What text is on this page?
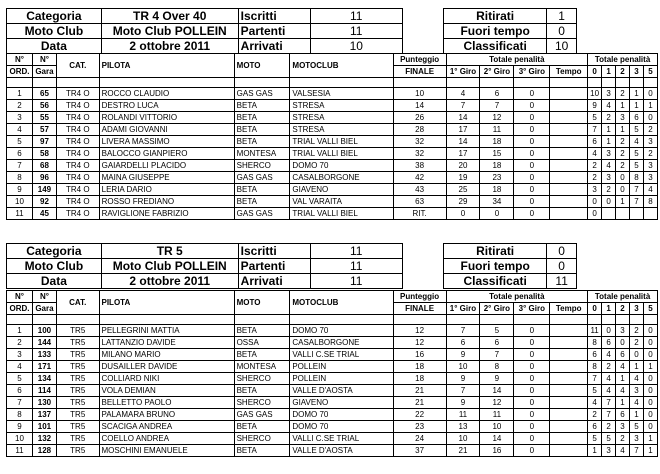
Categoria	TR 4 Over 40	Iscritti	11
Moto Club	Moto Club POLLEIN	Partenti	11
Data	2 ottobre 2011	Arrivati	10
Ritirati	1
Fuori tempo	0
Classificati	10
N°	N°	CAT.	PILOTA	MOTO	MOTOCLUB	Punteggio	Totale penalità				Totale penalità				
ORD.	Gara					FINALE	1° Giro	2° Giro	3° Giro	Tempo	0	1	2	3	5

1	65	TR4 O	ROCCO CLAUDIO	GAS GAS	VALSESIA	10	4	6	0		10	3	2	1	0
2	56	TR4 O	DESTRO LUCA	BETA	STRESA	14	7	7	0		9	4	1	1	1
3	55	TR4 O	ROLANDI VITTORIO	BETA	STRESA	26	14	12	0		5	2	3	6	0
4	57	TR4 O	ADAMI GIOVANNI	BETA	STRESA	28	17	11	0		7	1	1	5	2
5	97	TR4 O	LIVERA MASSIMO	BETA	TRIAL VALLI BIEL	32	14	18	0		6	1	2	4	3
6	58	TR4 O	BALOCCO GIANPIERO	MONTESA	TRIAL VALLI BIEL	32	17	15	0		4	3	2	5	2
7	68	TR4 O	GAIARDELLI PLACIDO	SHERCO	DOMO 70	38	20	18	0		2	4	2	5	3
8	96	TR4 O	MAINA GIUSEPPE	GAS GAS	CASALBORGONE	42	19	23	0		2	3	0	8	3
9	149	TR4 O	LERIA DARIO	BETA	GIAVENO	43	25	18	0		3	2	0	7	4
10	92	TR4 O	ROSSO FREDIANO	BETA	VAL VARAITA	63	29	34	0		0	0	1	7	8
11	45	TR4 O	RAVIGLIONE FABRIZIO	GAS GAS	TRIAL VALLI BIEL	RIT.	0	0	0		0				
Categoria	TR 5	Iscritti	11
Moto Club	Moto Club POLLEIN	Partenti	11
Data	2 ottobre 2011	Arrivati	11
Ritirati	0
Fuori tempo	0
Classificati	11
N°	N°	CAT.	PILOTA	MOTO	MOTOCLUB	Punteggio	Totale penalità				Totale penalità				
ORD.	Gara					FINALE	1° Giro	2° Giro	3° Giro	Tempo	0	1	2	3	5

1	100	TR5	PELLEGRINI MATTIA	BETA	DOMO 70	12	7	5	0		11	0	3	2	0
2	144	TR5	LATTANZIO DAVIDE	OSSA	CASALBORGONE	12	6	6	0		8	6	0	2	0
3	133	TR5	MILANO MARIO	BETA	VALLI C.SE TRIAL	16	9	7	0		6	4	6	0	0
4	171	TR5	DUSAILLER DAVIDE	MONTESA	POLLEIN	18	10	8	0		8	2	4	1	1
5	134	TR5	COLLIARD NIKI	SHERCO	POLLEIN	18	9	9	0		7	4	1	4	0
6	114	TR5	VOLA DEMIAN	BETA	VALLE D'AOSTA	21	7	14	0		5	4	4	3	0
7	130	TR5	BELLETTO PAOLO	SHERCO	GIAVENO	21	9	12	0		4	7	1	4	0
8	137	TR5	PALAMARA BRUNO	GAS GAS	DOMO 70	22	11	11	0		2	7	6	1	0
9	101	TR5	SCACIGA ANDREA	BETA	DOMO 70	23	13	10	0		6	2	3	5	0
10	132	TR5	COELLO ANDREA	SHERCO	VALLI C.SE TRIAL	24	10	14	0		5	5	2	3	1
11	128	TR5	MOSCHINI EMANUELE	BETA	VALLE D'AOSTA	37	21	16	0		1	3	4	7	1
